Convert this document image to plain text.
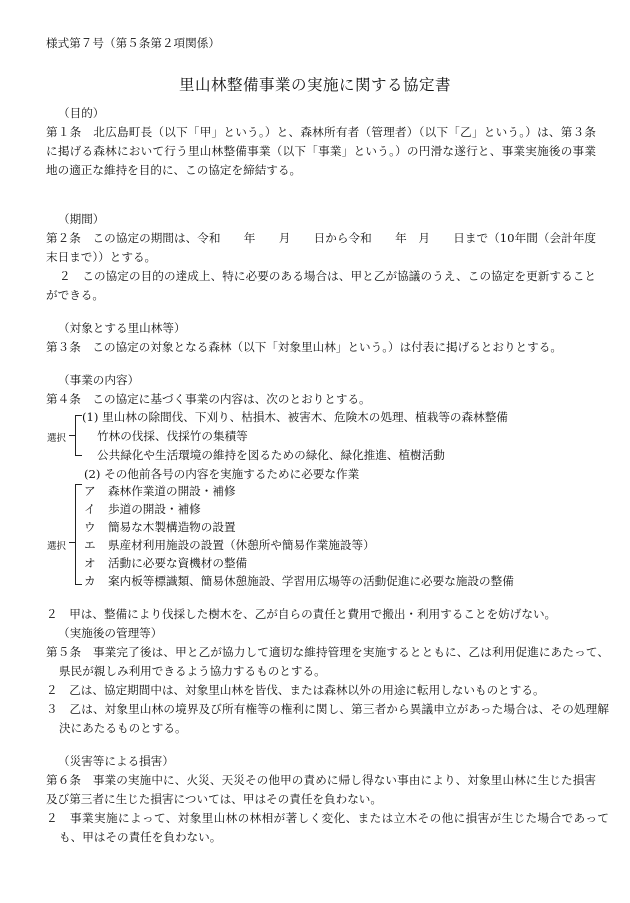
様式第７号（第５条第２項関係）
里山林整備事業の実施に関する協定書
（目的）
第１条　北広島町長（以下「甲」という。）と、森林所有者（管理者）（以下「乙」という。）は、第３条に掲げる森林において行う里山林整備事業（以下「事業」という。）の円滑な遂行と、事業実施後の事業地の適正な維持を目的に、この協定を締結する。
（期間）
第２条　この協定の期間は、令和　　年　　月　　日から令和　　年　月　　日まで（10年間（会計年度末日まで））とする。
２　この協定の目的の達成上、特に必要のある場合は、甲と乙が協議のうえ、この協定を更新することができる。
（対象とする里山林等）
第３条　この協定の対象となる森林（以下「対象里山林」という。）は付表に掲げるとおりとする。
（事業の内容）
第４条　この協定に基づく事業の内容は、次のとおりとする。
選択
(1) 里山林の除間伐、下刈り、枯損木、被害木、危険木の処理、植栽等の森林整備
竹林の伐採、伐採竹の集積等
公共緑化や生活環境の維持を図るための緑化、緑化推進、植樹活動
(2) その他前各号の内容を実施するために必要な作業
選択
ア 森林作業道の開設・補修
イ 歩道の開設・補修
ウ 簡易な木製構造物の設置
エ 県産材利用施設の設置（休憩所や簡易作業施設等）
オ 活動に必要な資機材の整備
カ 案内板等標識類、簡易休憩施設、学習用広場等の活動促進に必要な施設の整備
２　甲は、整備により伐採した樹木を、乙が自らの責任と費用で搬出・利用することを妨げない。
（実施後の管理等）
第５条　事業完了後は、甲と乙が協力して適切な維持管理を実施するとともに、乙は利用促進にあたって、県民が親しみ利用できるよう協力するものとする。
２　乙は、協定期間中は、対象里山林を皆伐、または森林以外の用途に転用しないものとする。
３　乙は、対象里山林の境界及び所有権等の権利に関し、第三者から異議申立があった場合は、その処理解決にあたるものとする。
（災害等による損害）
第６条　事業の実施中に、火災、天災その他甲の責めに帰し得ない事由により、対象里山林に生じた損害及び第三者に生じた損害については、甲はその責任を負わない。
２　事業実施によって、対象里山林の林相が著しく変化、または立木その他に損害が生じた場合であっても、甲はその責任を負わない。
